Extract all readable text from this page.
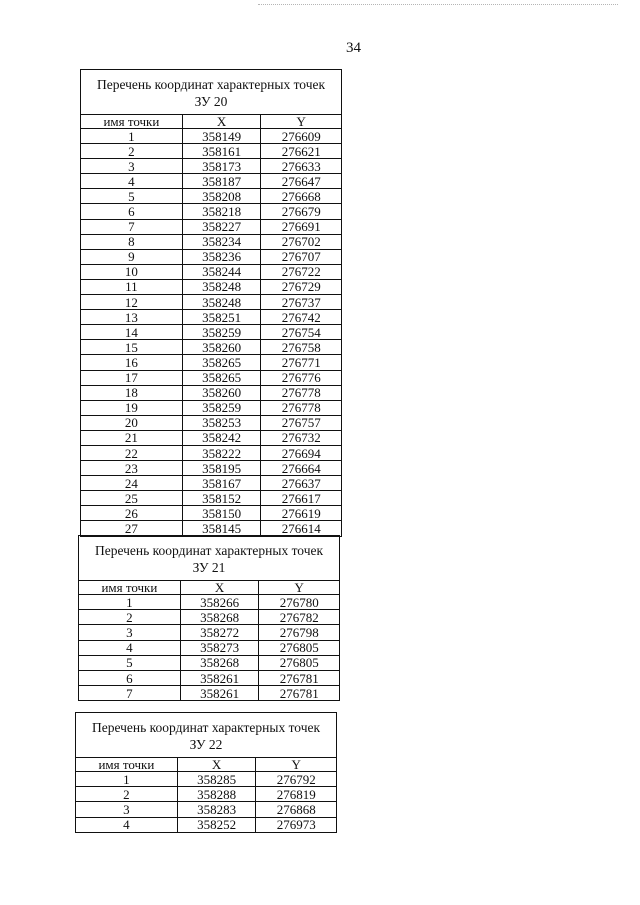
34
Перечень координат характерных точек
ЗУ 20		
имя точки	X	Y
1	358149	276609
2	358161	276621
3	358173	276633
4	358187	276647
5	358208	276668
6	358218	276679
7	358227	276691
8	358234	276702
9	358236	276707
10	358244	276722
11	358248	276729
12	358248	276737
13	358251	276742
14	358259	276754
15	358260	276758
16	358265	276771
17	358265	276776
18	358260	276778
19	358259	276778
20	358253	276757
21	358242	276732
22	358222	276694
23	358195	276664
24	358167	276637
25	358152	276617
26	358150	276619
27	358145	276614
Перечень координат характерных точек
ЗУ 21		
имя точки	X	Y
1	358266	276780
2	358268	276782
3	358272	276798
4	358273	276805
5	358268	276805
6	358261	276781
7	358261	276781
Перечень координат характерных точек
ЗУ 22		
имя точки	X	Y
1	358285	276792
2	358288	276819
3	358283	276868
4	358252	276973
